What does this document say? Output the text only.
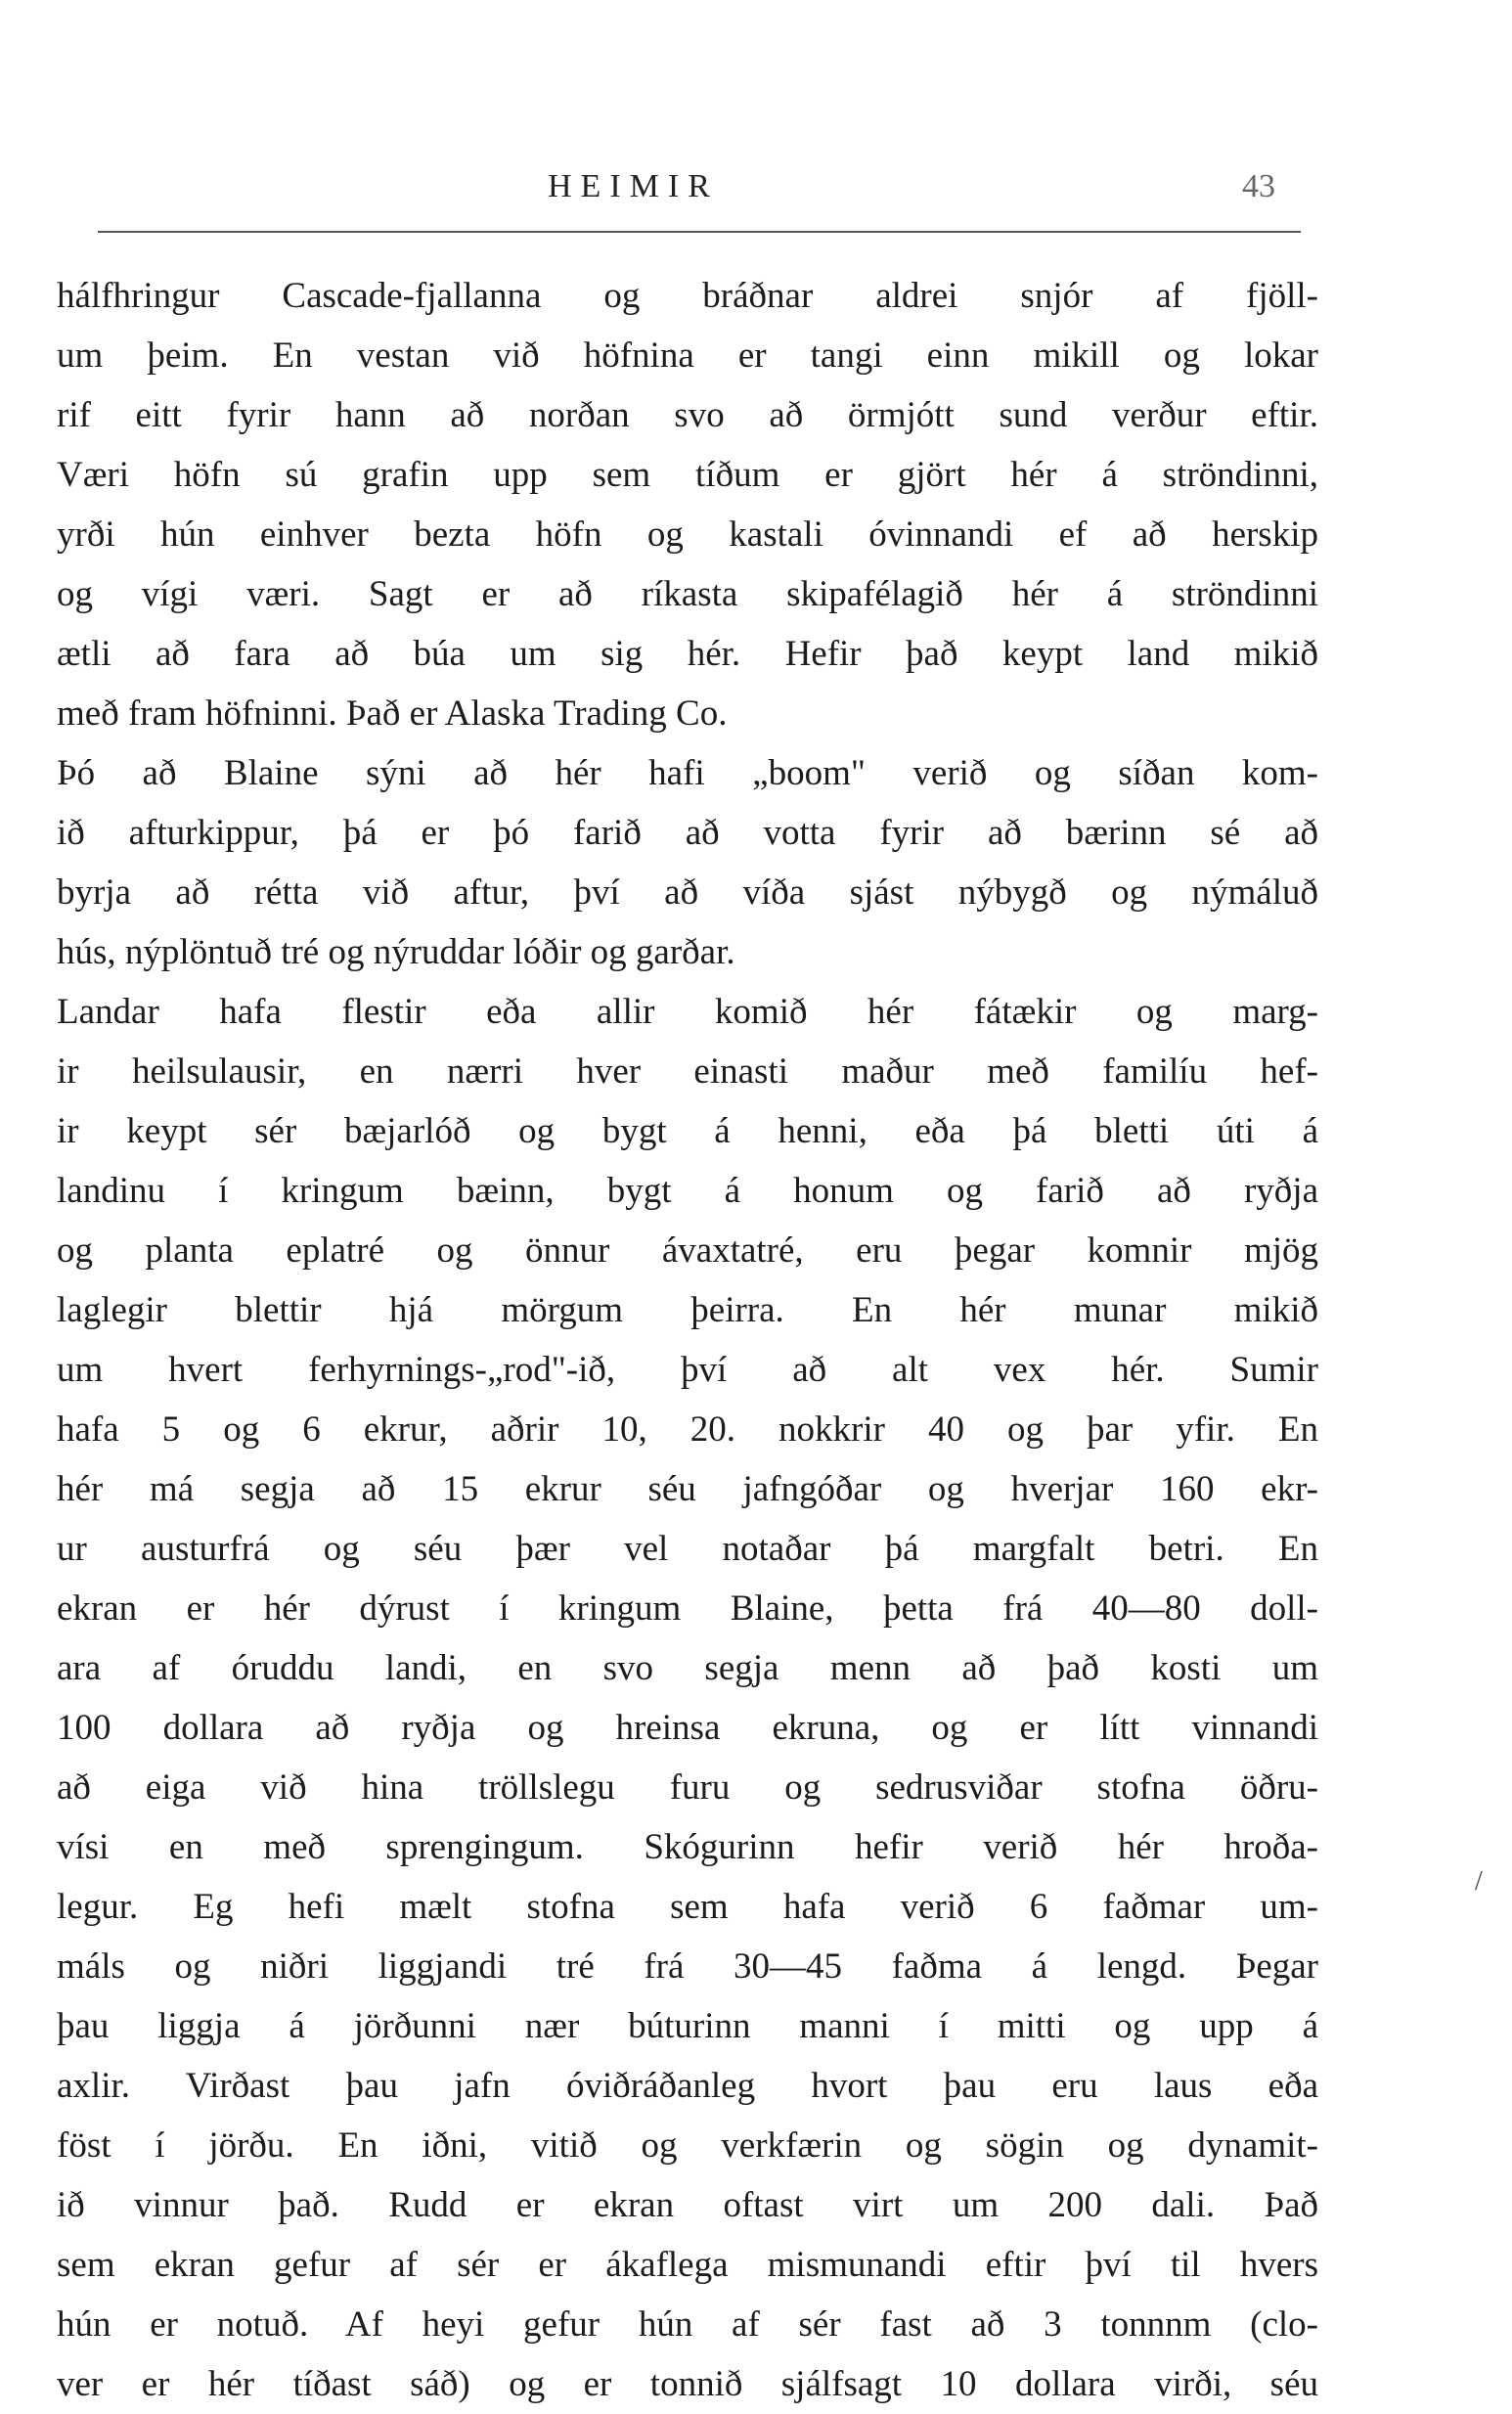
HEIMIR	43
hálfhringur Cascade-fjallanna og bráðnar aldrei snjór af fjöll-
um þeim. En vestan við höfnina er tangi einn mikill og lokar
rif eitt fyrir hann að norðan svo að örmjótt sund verður eftir.
Væri höfn sú grafin upp sem tíðum er gjört hér á ströndinni,
yrði hún einhver bezta höfn og kastali óvinnandi ef að herskip
og vígi væri. Sagt er að ríkasta skipafélagið hér á ströndinni
ætli að fara að búa um sig hér. Hefir það keypt land mikið
með fram höfninni. Það er Alaska Trading Co.
Þó að Blaine sýni að hér hafi „boom" verið og síðan kom-
ið afturkippur, þá er þó farið að votta fyrir að bærinn sé að
byrja að rétta við aftur, því að víða sjást nýbygð og nýmáluð
hús, nýplöntuð tré og nýruddar lóðir og garðar.
Landar hafa flestir eða allir komið hér fátækir og marg-
ir heilsulausir, en nærri hver einasti maður með familíu hef-
ir keypt sér bæjarlóð og bygt á henni, eða þá bletti úti á
landinu í kringum bæinn, bygt á honum og farið að ryðja
og planta eplatré og önnur ávaxtatré, eru þegar komnir mjög
laglegir blettir hjá mörgum þeirra. En hér munar mikið
um hvert ferhyrnings-„rod"-ið, því að alt vex hér. Sumir
hafa 5 og 6 ekrur, aðrir 10, 20. nokkrir 40 og þar yfir. En
hér má segja að 15 ekrur séu jafngóðar og hverjar 160 ekr-
ur austurfrá og séu þær vel notaðar þá margfalt betri. En
ekran er hér dýrust í kringum Blaine, þetta frá 40—80 doll-
ara af óruddu landi, en svo segja menn að það kosti um
100 dollara að ryðja og hreinsa ekruna, og er lítt vinnandi
að eiga við hina tröllslegu furu og sedrusviðar stofna öðru-
vísi en með sprengingum. Skógurinn hefir verið hér hroða-
legur. Eg hefi mælt stofna sem hafa verið 6 faðmar um-
máls og niðri liggjandi tré frá 30—45 faðma á lengd. Þegar
þau liggja á jörðunni nær búturinn manni í mitti og upp á
axlir. Virðast þau jafn óviðráðanleg hvort þau eru laus eða
föst í jörðu. En iðni, vitið og verkfærin og sögin og dynamit-
ið vinnur það. Rudd er ekran oftast virt um 200 dali. Það
sem ekran gefur af sér er ákaflega mismunandi eftir því til hvers
hún er notuð. Af heyi gefur hún af sér fast að 3 tonnnm (clo-
ver er hér tíðast sáð) og er tonnið sjálfsagt 10 dollara virði, séu
/
